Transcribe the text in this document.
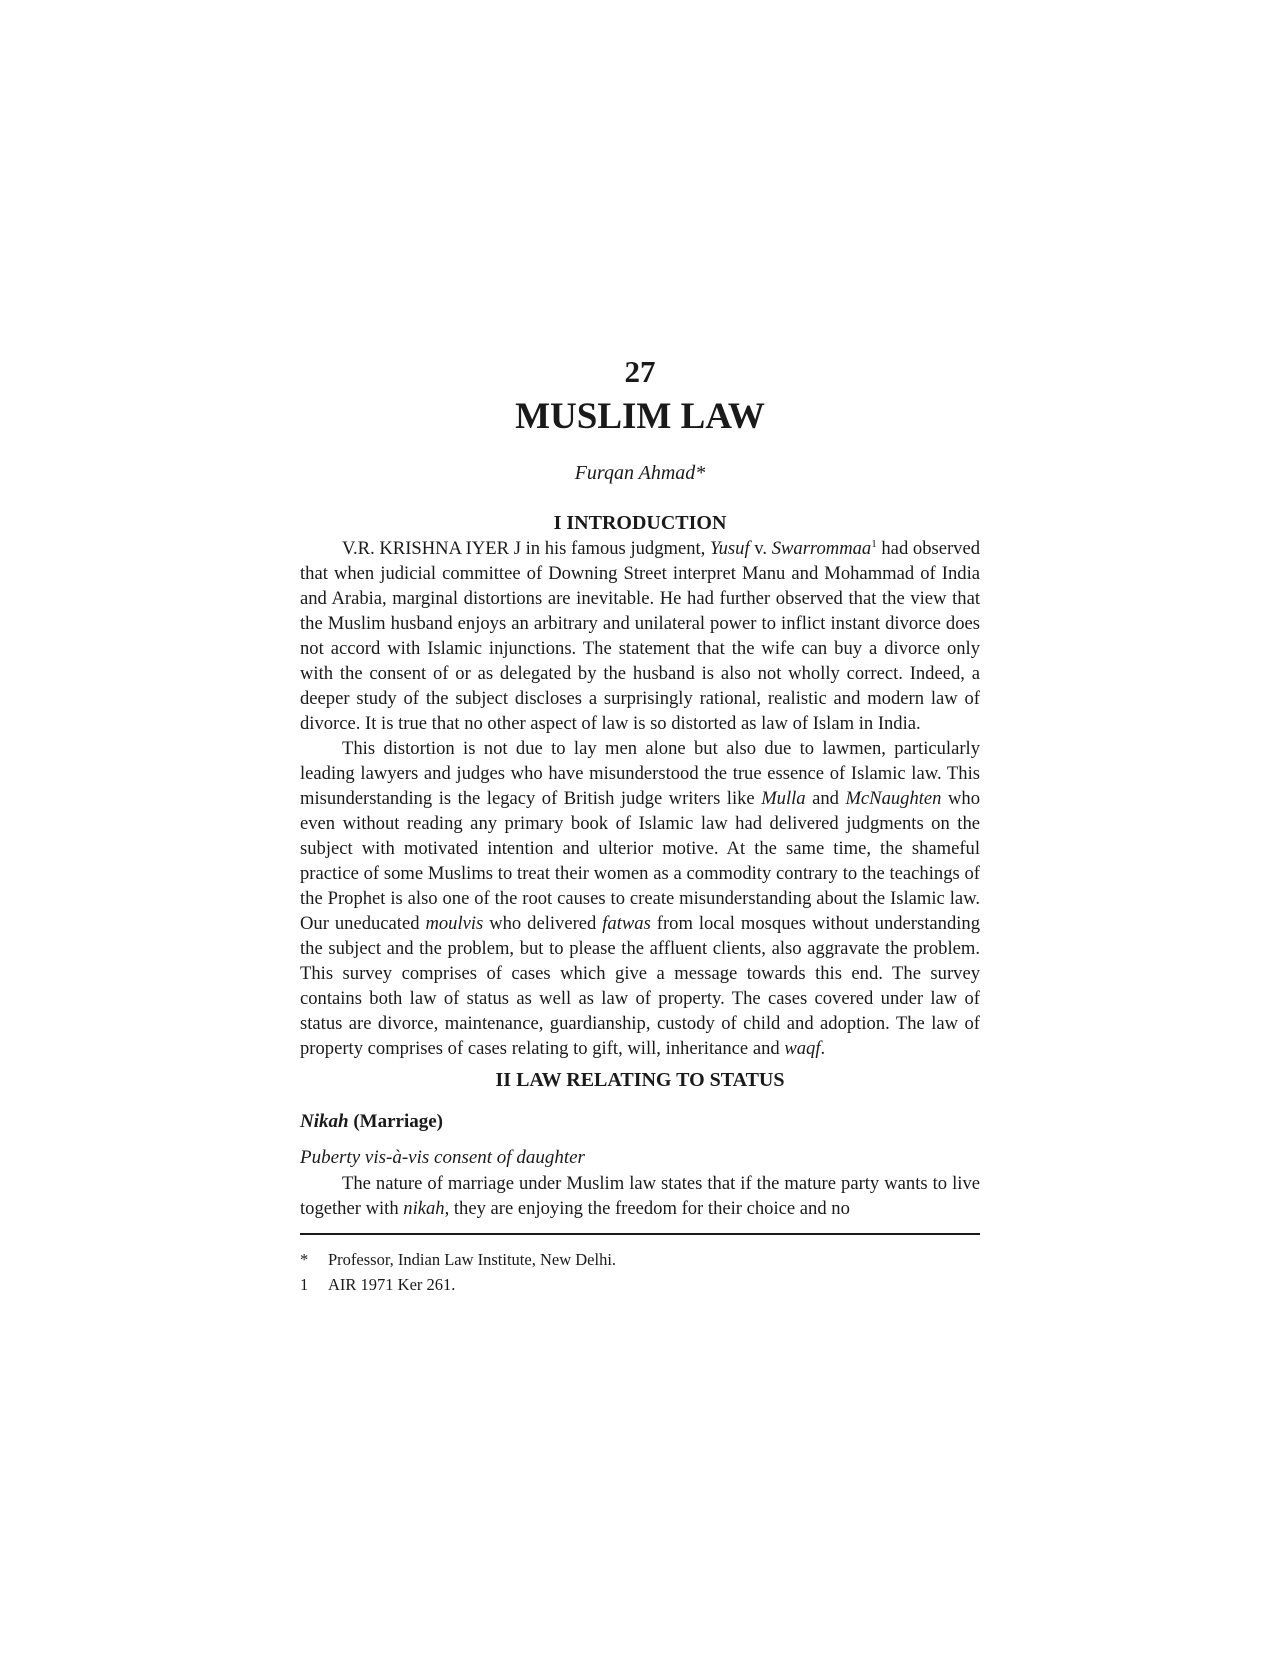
27
MUSLIM LAW
Furqan Ahmad*
I INTRODUCTION

V.R. KRISHNA IYER J in his famous judgment, Yusuf v. Swarrommaa$^1$ had observed that when judicial committee of Downing Street interpret Manu and Mohammad of India and Arabia, marginal distortions are inevitable. He had further observed that the view that the Muslim husband enjoys an arbitrary and unilateral power to inflict instant divorce does not accord with Islamic injunctions. The statement that the wife can buy a divorce only with the consent of or as delegated by the husband is also not wholly correct. Indeed, a deeper study of the subject discloses a surprisingly rational, realistic and modern law of divorce. It is true that no other aspect of law is so distorted as law of Islam in India.

This distortion is not due to lay men alone but also due to lawmen, particularly leading lawyers and judges who have misunderstood the true essence of Islamic law. This misunderstanding is the legacy of British judge writers like Mulla and McNaughten who even without reading any primary book of Islamic law had delivered judgments on the subject with motivated intention and ulterior motive. At the same time, the shameful practice of some Muslims to treat their women as a commodity contrary to the teachings of the Prophet is also one of the root causes to create misunderstanding about the Islamic law. Our uneducated moulvis who delivered fatwas from local mosques without understanding the subject and the problem, but to please the affluent clients, also aggravate the problem. This survey comprises of cases which give a message towards this end. The survey contains both law of status as well as law of property. The cases covered under law of status are divorce, maintenance, guardianship, custody of child and adoption. The law of property comprises of cases relating to gift, will, inheritance and waqf.

II LAW RELATING TO STATUS
Nikah (Marriage)
Puberty vis-à-vis consent of daughter

The nature of marriage under Muslim law states that if the mature party wants to live together with nikah, they are enjoying the freedom for their choice and no

*	Professor, Indian Law Institute, New Delhi.
1	AIR 1971 Ker 261.
